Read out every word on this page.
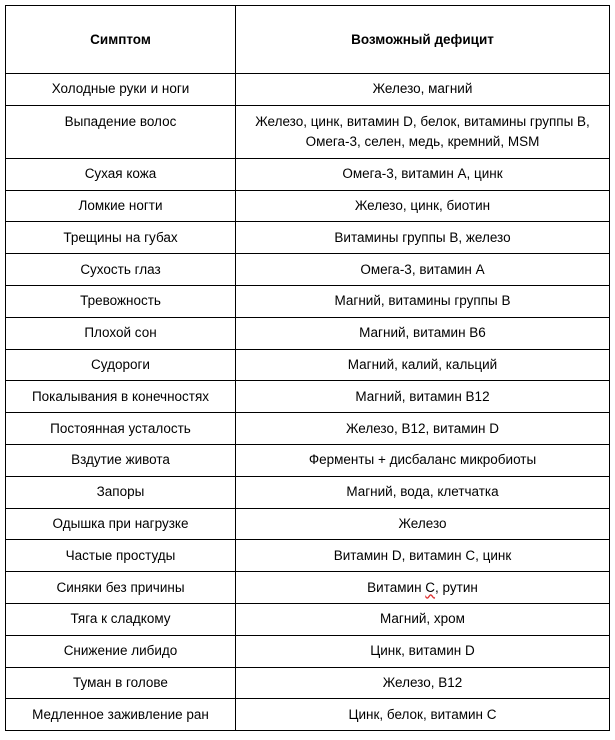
Симптом	Возможный дефицит
Холодные руки и ноги	Железо, магний
Выпадение волос	Железо, цинк, витамин D, белок, витамины группы В, Омега-3, селен, медь, кремний, MSM
Сухая кожа	Омега-3, витамин А, цинк
Ломкие ногти	Железо, цинк, биотин
Трещины на губах	Витамины группы В, железо
Сухость глаз	Омега-3, витамин А
Тревожность	Магний, витамины группы В
Плохой сон	Магний, витамин В6
Судороги	Магний, калий, кальций
Покалывания в конечностях	Магний, витамин В12
Постоянная усталость	Железо, В12, витамин D
Вздутие живота	Ферменты + дисбаланс микробиоты
Запоры	Магний, вода, клетчатка
Одышка при нагрузке	Железо
Частые простуды	Витамин D, витамин C, цинк
Синяки без причины	Витамин С, рутин
Тяга к сладкому	Магний, хром
Снижение либидо	Цинк, витамин D
Туман в голове	Железо, В12
Медленное заживление ран	Цинк, белок, витамин C
